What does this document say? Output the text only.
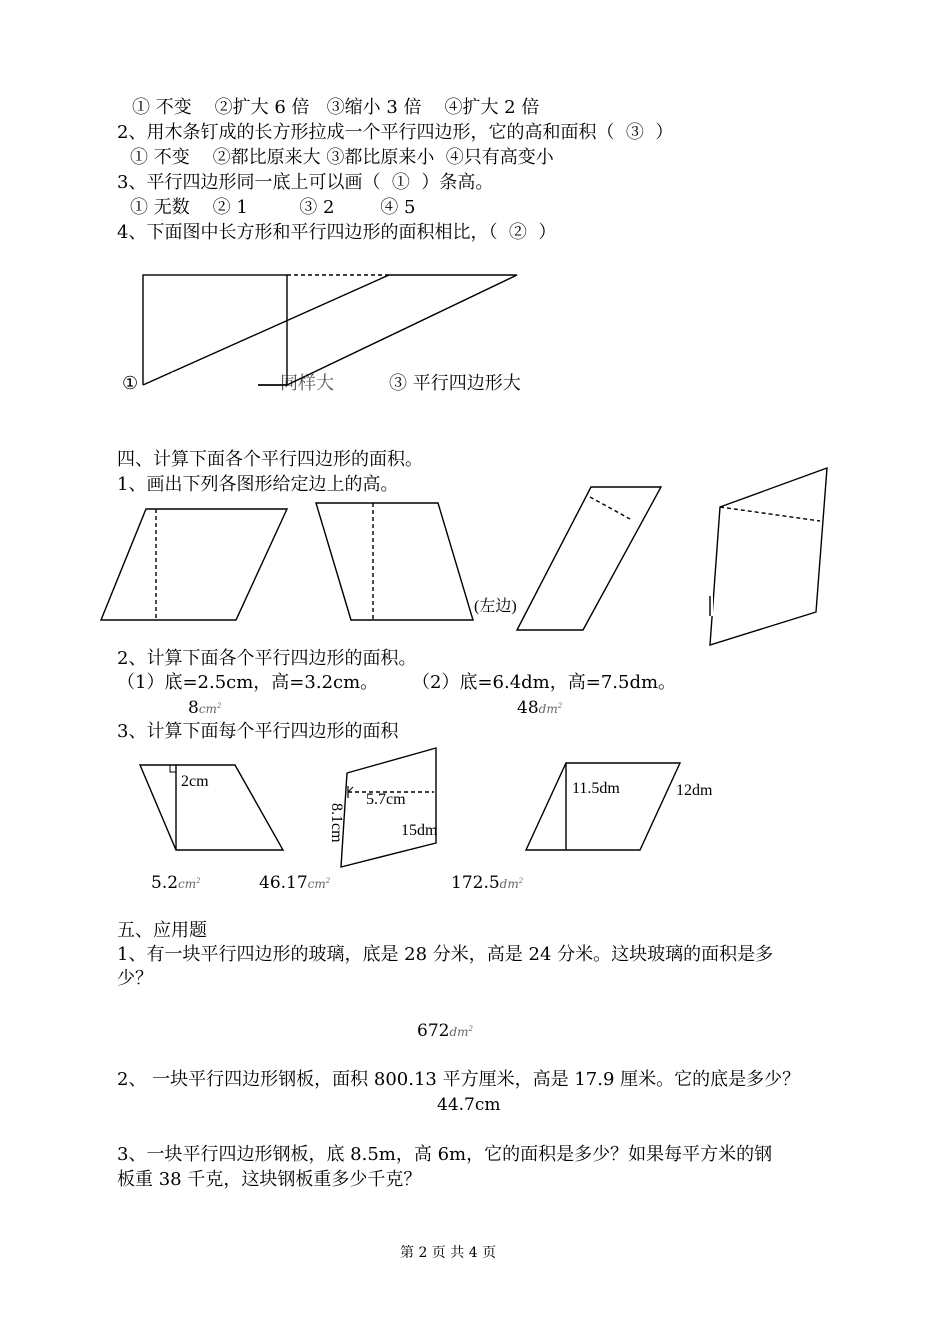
① 不变    ②扩大 6 倍   ③缩小 3 倍    ④扩大 2 倍
2、用木条钉成的长方形拉成一个平行四边形，它的高和面积（  ③  ）
① 不变    ②都比原来大 ③都比原来小  ④只有高变小
3、平行四边形同一底上可以画（  ①  ）条高。
① 无数    ② 1         ③ 2        ④ 5
4、下面图中长方形和平行四边形的面积相比，（  ②  ）
①	同样大	③ 平行四边形大
四、计算下面各个平行四边形的面积。
1、画出下列各图形给定边上的高。
(左边)
2、计算下面各个平行四边形的面积。
（1）底=2.5cm，高=3.2cm。 （2）底=6.4dm，高=7.5dm。
$8cm^2$	$48dm^2$
3、计算下面每个平行四边形的面积
2cm
5.7cm
8.1cm	15dm
11.5dm	12dm
$5.2cm^2$	$46.17cm^2$	$172.5dm^2$
五、应用题
1、有一块平行四边形的玻璃，底是 28 分米，高是 24 分米。这块玻璃的面积是多
少？
$672dm^2$
2、 一块平行四边形钢板，面积 800.13 平方厘米，高是 17.9 厘米。它的底是多少？
44.7cm
3、一块平行四边形钢板，底 8.5m，高 6m，它的面积是多少？如果每平方米的钢
板重 38 千克，这块钢板重多少千克？
第 2 页 共 4 页
